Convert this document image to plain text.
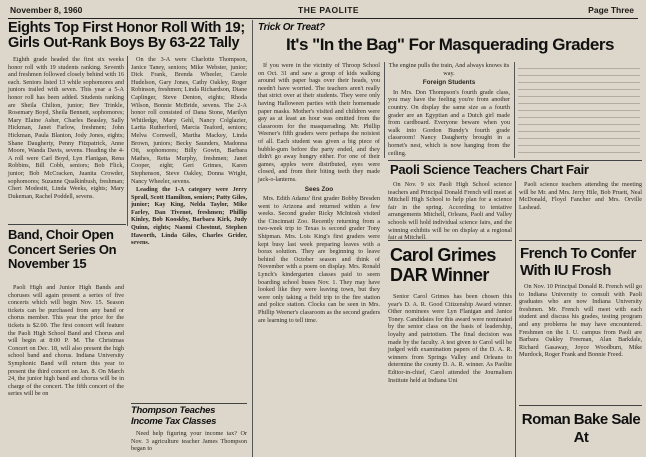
November 8, 1960	THE PAOLITE	Page Three
Eights Top First Honor Roll With 19; Girls Out-Rank Boys By 63-22 Tally

Eighth grade headed the first six weeks honor roll with 19 students ranking. Seventh and freshmen followed closely behind with 16 each. Seniors listed 13 while sophomores and juniors trailed with seven. This year a 5-A honor roll has been added. Students ranking are Sheila Chilton, junior; Bev Trinkle, Rosemary Boyd, Sheila Bennett, sophomores; Mary Elaine Asher, Charles Beasley, Sally Hickman, Janet Farlow, freshmen; John Hickman, Paula Blanton, Jody Jones, eights; Shane Daugherty, Penny Fitzpatrick, Anne Moore, Wanda Davis, sevens. Heading the 4-A roll were Carl Boyd, Lyn Flanigan, Rena Robbins, Bill Cobb, seniors; Bob Flick, junior; Bob McCracken, Juanita Crowder, sophomores; Suzanne Qualkinbush, freshman; Cheri Modesitt, Linda Weeks, eights; Mary Dukeman, Rachel Poddell, sevens.

On the 3-A were Charlotte Thompson, Janice Taney, seniors; Mike Webster, junior; Dick Frank, Brenda Wheeler, Carole Hudelson, Gary Jones, Cathy Oakley, Roger Robinson, freshmen; Linda Richardson, Diane Caplinger, Steve Denton, eights; Rhoda Wilson, Bonnie McBride, sevens. The 2-A honor roll consisted of Dana Stone, Marilyn Whitledge, Mary Gehl, Nancy Colglazier, Larita Rutherford, Marcia Teaford, seniors; Melva Cornwell, Martha Mackey, Linda Brown, juniors; Becky Saunders, Madonna Ott, sophomores; Billy Gowin, Barbara Mathes, Retta Murphy, freshmen; Janet Cooper, eight; Geri Grimes, Karen Stephenson, Steve Oakley, Donna Wright, Nancy Wheeler, sevens.

Leading the 1-A category were Jerry Sprall, Scott Hamilton, seniors; Patty Giles, junior; Kay King, Nelda Taylor, Mike Farley, Dan Tivenot, freshmen; Phillip Kinley, Bob Kooskby, Barbara Kirk, Judy Quinn, eights; Naomi Chestnut, Stephen Haworth, Linda Giles, Charles Grider, sevens.

Band, Choir Open Concert Series On November 15

Paoli High and Junior High Bands and choruses will again present a series of five concerts which will begin Nov. 15. Season tickets can be purchased from any band or chorus member. This year the price for the tickets is $2.00. The first concert will feature the Paoli High School Band and Chorus and will begin at 8:00 P. M. The Christmas Concert on Dec. 18, will also present the high school band and chorus. Indiana University Symphonic Band will return this year to present the third concert on Jan. 8. On March 24, the junior high band and chorus will be in charge of the concert. The fifth concert of the series will be on

Thompson Teaches Income Tax Classes

Need help figuring your income tax? Or Nov. 3 agriculture teacher James Thompson began to

Trick Or Treat?
It's "In the Bag" For Masquerading Graders

If you were in the vicinity of Throop School on Oct. 31 and saw a group of kids walking around with paper bags over their heads, you needn't have worried. The teachers aren't really that strict over at their students. They were only having Halloween parties with their homemade paper masks. Mother's visited and children were gay as at least an hour was omitted from the classroom for the masquerading. Mr. Phillip Weener's fifth graders were perhaps the noisiest of all. Each student was given a big piece of bubble-gum before the party ended, and they didn't go away hungry either. For one of their games, apples were distributed, eyes were closed, and from their biting teeth they made jack-o-lanterns.

Sees Zoo

Mrs. Edith Adams' first grader Bobby Bresden went to Arizona and returned within a few weeks. Second grader Ricky McIntosh visited the Cincinnati Zoo. Recently returning from a two-week trip to Texas is second grader Tony Shipman. Mrs. Lois King's first graders were kept busy last week preparing leaves with a borax solution. They are beginning to leave behind the October season and think of November with a poem on display. Mrs. Ronald Lynch's kindergarten classes paid to seem boarding school buses Nov. 1. They may have looked like they were leaving town, but they were only taking a field trip to the fire station and police station. Clocks can be seen in Mrs. Phillip Weener's classroom as the second graders are learning to tell time.

The engine pulls the train, And always knows its way.

Foreign Students

In Mrs. Don Thompson's fourth grade class, you may have the feeling you're from another country. On display the same size as a fourth grader are an Egyptian and a Dutch girl made from cardboard. Everyone beware when you walk into Gordon Bundy's fourth grade classroom! Nancy Daugherty brought in a hornet's nest, which is now hanging from the ceiling.

Paoli Science Teachers Chart Fair

On Nov. 9 six Paoli High School science teachers and Principal Donald French will meet at Mitchell High School to help plan for a science fair in the spring. According to tentative arrangements Mitchell, Orleans, Paoli and Valley schools will hold individual science fairs, and the winning exhibits will be on display at a regional fair at Mitchell.

Paoli science teachers attending the meeting will be Mr. and Mrs. Jerry Hile, Bob Pruett, Neal McDonald, Floyd Fancher and Mrs. Orville Lashead.

Carol Grimes DAR Winner

Senior Carol Grimes has been chosen this year's D. A. R. Good Citizenship Award winner. Other nominees were Lyn Flanigan and Janice Toney. Candidates for this award were nominated by the senior class on the basis of leadership, loyalty and patriotism. The final decision was made by the faculty. A test given to Carol will be judged with examination papers of the D. A. R. winners from Springs Valley and Orleans to determine the county D. A. R. winner. As Paolite Editor-in-chief, Carol attended the Journalism Institute held at Indiana Uni

French To Confer With IU Frosh

On Nov. 10 Principal Donald R. French will go to Indiana University to consult with Paoli graduates who are now Indiana University freshmen. Mr. French will meet with each student and discuss his grades, testing program and any problems he may have encountered. Freshmen on the I. U. campus from Paoli are Barbara Oakley Freeman, Alan Barkdale, Richard Gasaway, Joyce Woodburn, Mike Murdock, Roger Frank and Bonnie Freed.

Roman Bake Sale At
